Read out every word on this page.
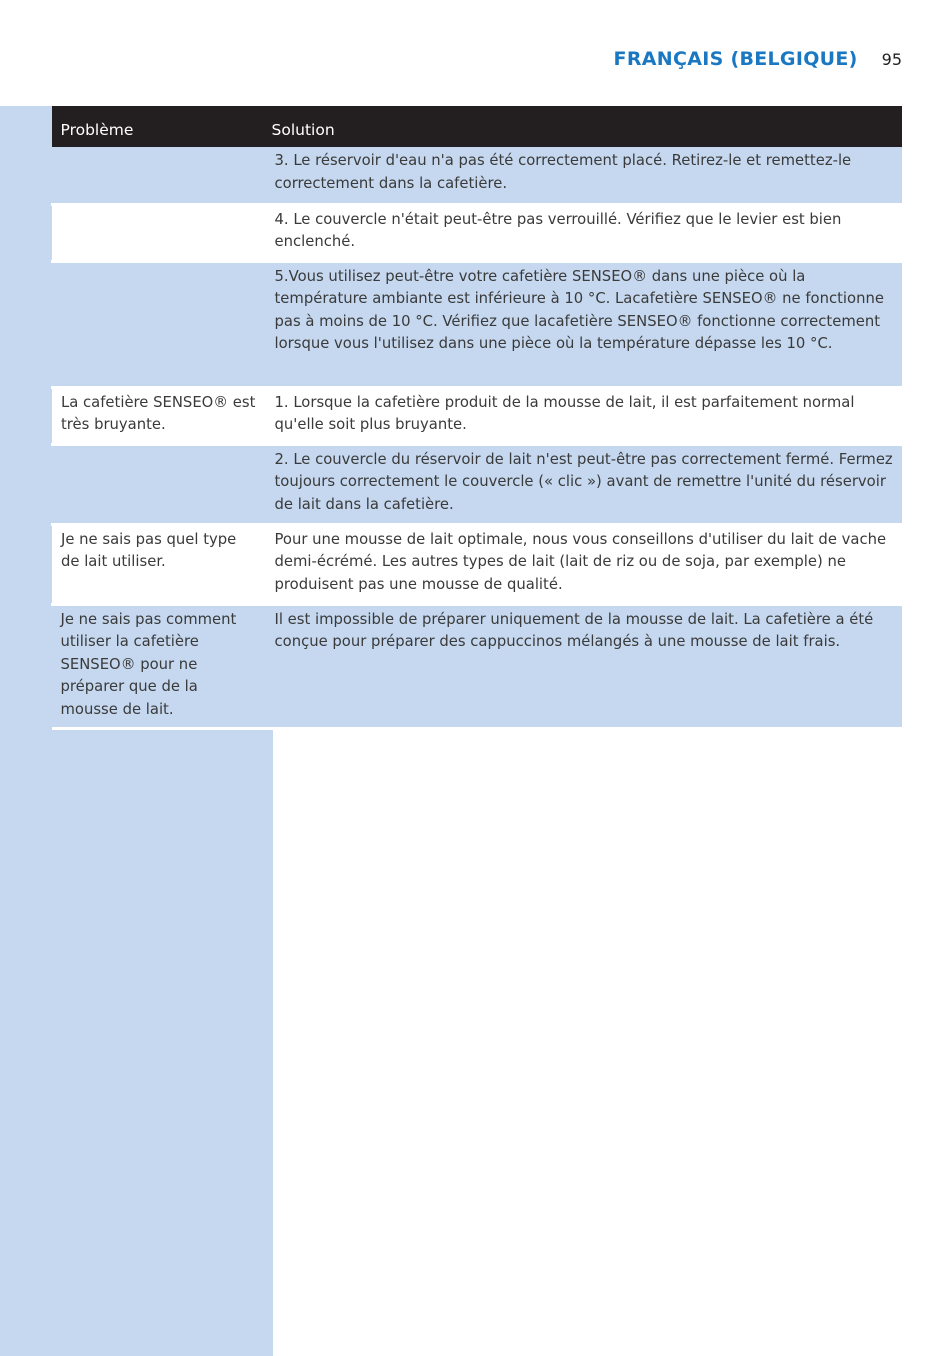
FRANÇAIS (BELGIQUE) 95
Problème	Solution
	3. Le réservoir d'eau n'a pas été correctement placé. Retirez-le et remettez-le correctement dans la cafetière.
	4. Le couvercle n'était peut-être pas verrouillé. Vérifiez que le levier est bien enclenché.
	5.Vous utilisez peut-être votre cafetière SENSEO® dans une pièce où la température ambiante est inférieure à 10 °C. Lacafetière SENSEO® ne fonctionne pas à moins de 10 °C. Vérifiez que lacafetière SENSEO® fonctionne correctement lorsque vous l'utilisez dans une pièce où la température dépasse les 10 °C.
La cafetière SENSEO® est très bruyante.	1. Lorsque la cafetière produit de la mousse de lait, il est parfaitement normal qu'elle soit plus bruyante.
	2. Le couvercle du réservoir de lait n'est peut-être pas correctement fermé. Fermez toujours correctement le couvercle (« clic ») avant de remettre l'unité du réservoir de lait dans la cafetière.
Je ne sais pas quel type de lait utiliser.	Pour une mousse de lait optimale, nous vous conseillons d'utiliser du lait de vache demi-écrémé. Les autres types de lait (lait de riz ou de soja, par exemple) ne produisent pas une mousse de qualité.
Je ne sais pas comment utiliser la cafetière SENSEO® pour ne préparer que de la mousse de lait.	Il est impossible de préparer uniquement de la mousse de lait. La cafetière a été conçue pour préparer des cappuccinos mélangés à une mousse de lait frais.
